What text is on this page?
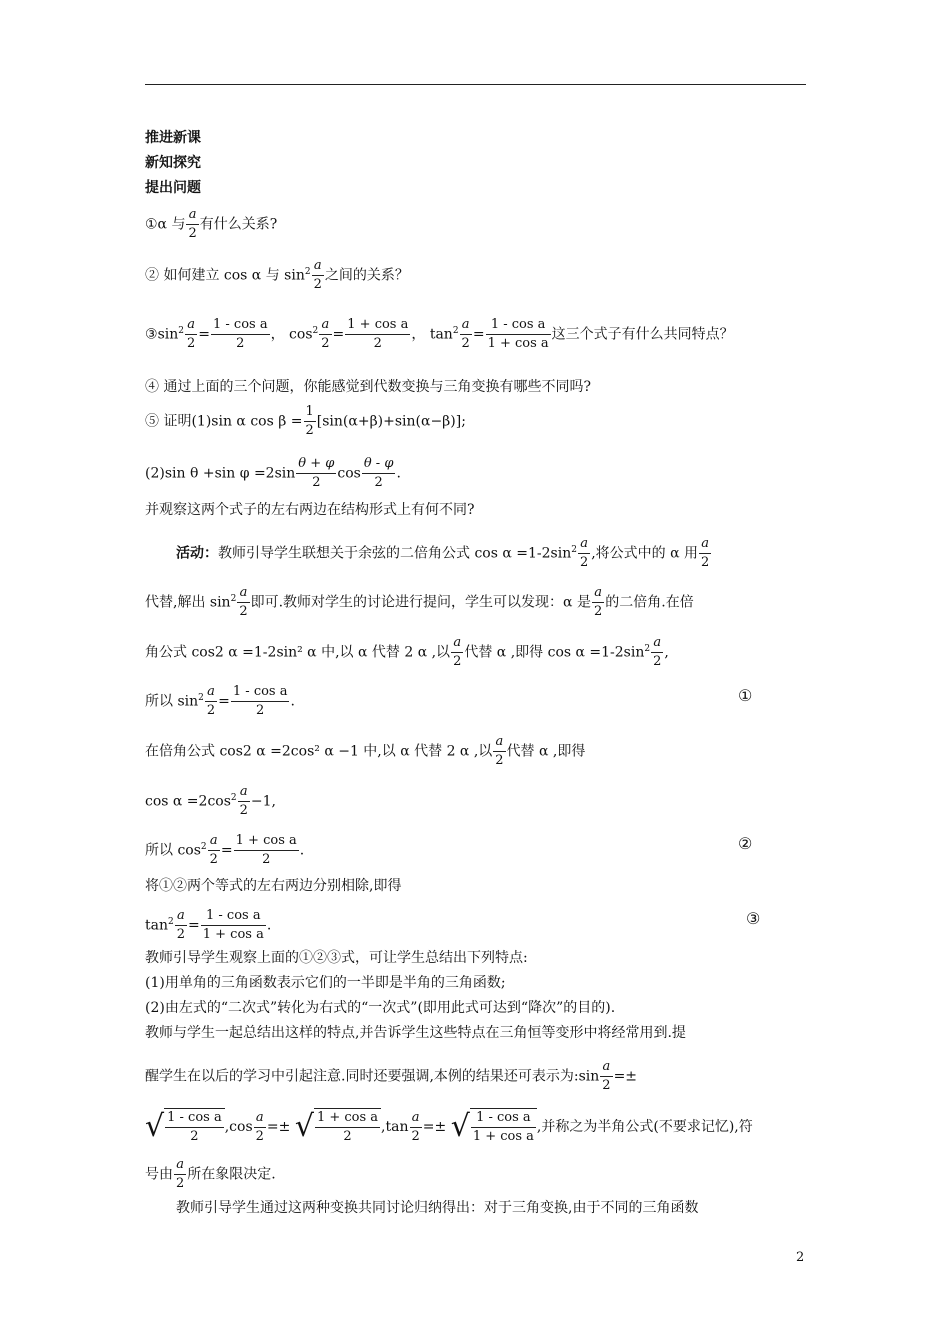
推进新课
新知探究
提出问题
①α 与 $\frac{a}{2}$ 有什么关系?
② 如何建立 cos α 与 $\sin^2 \frac{a}{2}$ 之间的关系？
$③\sin^2 \frac{a}{2} = \frac{\text{1 - cos a}}{2}$ ， $\cos^2 \frac{a}{2} = \frac{\text{1 + cos a}}{2}$ ， $\tan^2 \frac{a}{2} = \frac{\text{1 - cos a}}{\text{1 + cos a}}$ 这三个式子有什么共同特点？
④ 通过上面的三个问题，你能感觉到代数变换与三角变换有哪些不同吗?
⑤ 证明(1)sin α $\cos \beta = \frac{1}{2} [\sin(\alpha+\beta)+\sin(\alpha-\beta)]$;
(2)sin θ +sin $\varphi =2\sin \frac{\theta + \varphi}{2}$ $\cos \frac{\theta - \varphi}{2}$ .
并观察这两个式子的左右两边在结构形式上有何不同?
活动：教师引导学生联想关于余弦的二倍角公式 $\cos \alpha =1-2\sin^2 \frac{a}{2}$ ,将公式中的 α 用 $\frac{a}{2}$
代替,解出 $\sin^2 \frac{a}{2}$ 即可.教师对学生的讨论进行提问，学生可以发现：α 是 $\frac{a}{2}$ 的二倍角.在倍
角公式 cos2 α =1-2sin² α 中,以 α 代替 2 α ,以 $\frac{a}{2}$ 代替 α ,即得 $\cos \alpha =1-2\sin^2 \frac{a}{2}$ ,
所以 $\sin^2 \frac{a}{2} = \frac{\text{1 - cos a}}{2}$ .	①
在倍角公式 cos2 α =2cos² α −1 中,以 α 代替 2 α ,以 $\frac{a}{2}$ 代替 α ,即得
$\cos \alpha =2\cos^2 \frac{a}{2} -1$,
所以 $\cos^2 \frac{a}{2} = \frac{\text{1 + cos a}}{2}$ .	②
将①②两个等式的左右两边分别相除,即得
$\tan^2 \frac{a}{2} = \frac{\text{1 - cos a}}{\text{1 + cos a}}$ .	③
教师引导学生观察上面的①②③式，可让学生总结出下列特点:
(1)用单角的三角函数表示它们的一半即是半角的三角函数;
(2)由左式的“二次式”转化为右式的“一次式”(即用此式可达到“降次”的目的).
教师与学生一起总结出这样的特点,并告诉学生这些特点在三角恒等变形中将经常用到.提
醒学生在以后的学习中引起注意.同时还要强调,本例的结果还可表示为:sin $\frac{a}{2}$ =±
√ $\frac{\text{1 - cos a}}{2} ,\cos \frac{a}{2}$ =± √ $\frac{\text{1 + cos a}}{2} ,\tan \frac{a}{2}$ =± √ $\frac{\text{1 - cos a}}{\text{1 + cos a}}$ ,并称之为半角公式(不要求记忆),符
号由 $\frac{a}{2}$ 所在象限决定.
教师引导学生通过这两种变换共同讨论归纳得出：对于三角变换,由于不同的三角函数
2
